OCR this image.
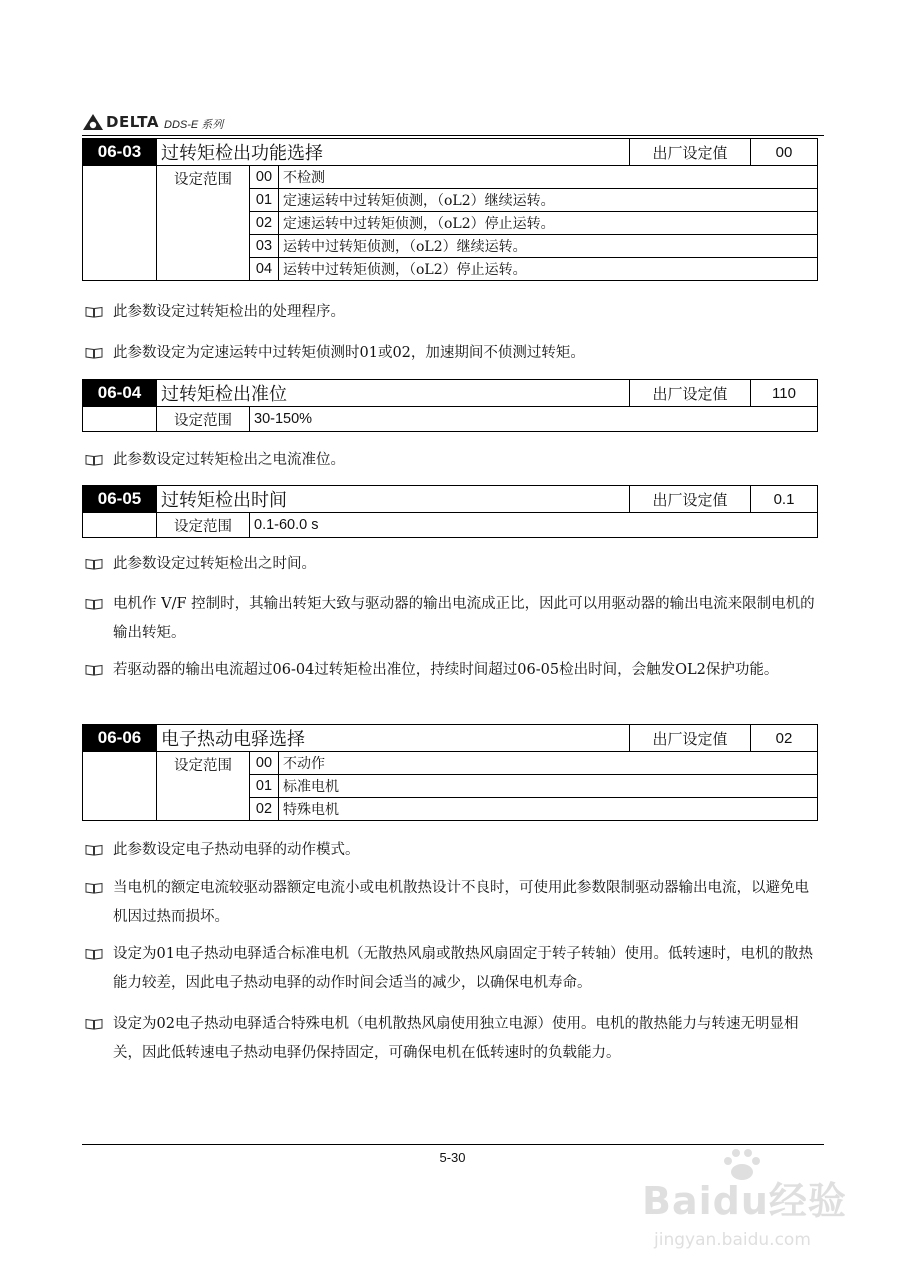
DELTA DDS-E 系列
06-03	过转矩检出功能选择			出厂设定值	00
	设定范围	00	不检测		
		01	定速运转中过转矩侦测，（oL2）继续运转。		
		02	定速运转中过转矩侦测，（oL2）停止运转。		
		03	运转中过转矩侦测，（oL2）继续运转。		
		04	运转中过转矩侦测，（oL2）停止运转。		
此参数设定过转矩检出的处理程序。
此参数设定为定速运转中过转矩侦测时01或02，加速期间不侦测过转矩。
06-04	过转矩检出准位		出厂设定值	110
	设定范围	30-150%		
此参数设定过转矩检出之电流准位。
06-05	过转矩检出时间		出厂设定值	0.1
	设定范围	0.1-60.0 s		
此参数设定过转矩检出之时间。
电机作 V/F 控制时，其输出转矩大致与驱动器的输出电流成正比，因此可以用驱动器的输出电流来限制电机的输出转矩。
若驱动器的输出电流超过06-04过转矩检出准位，持续时间超过06-05检出时间，会触发OL2保护功能。
06-06	电子热动电驿选择			出厂设定值	02
	设定范围	00	不动作		
		01	标准电机		
		02	特殊电机		
此参数设定电子热动电驿的动作模式。
当电机的额定电流较驱动器额定电流小或电机散热设计不良时，可使用此参数限制驱动器输出电流，以避免电机因过热而损坏。
设定为01电子热动电驿适合标准电机（无散热风扇或散热风扇固定于转子转轴）使用。低转速时，电机的散热能力较差，因此电子热动电驿的动作时间会适当的减少，以确保电机寿命。
设定为02电子热动电驿适合特殊电机（电机散热风扇使用独立电源）使用。电机的散热能力与转速无明显相关，因此低转速电子热动电驿仍保持固定，可确保电机在低转速时的负载能力。
5-30
Baidu经验
jingyan.baidu.com
